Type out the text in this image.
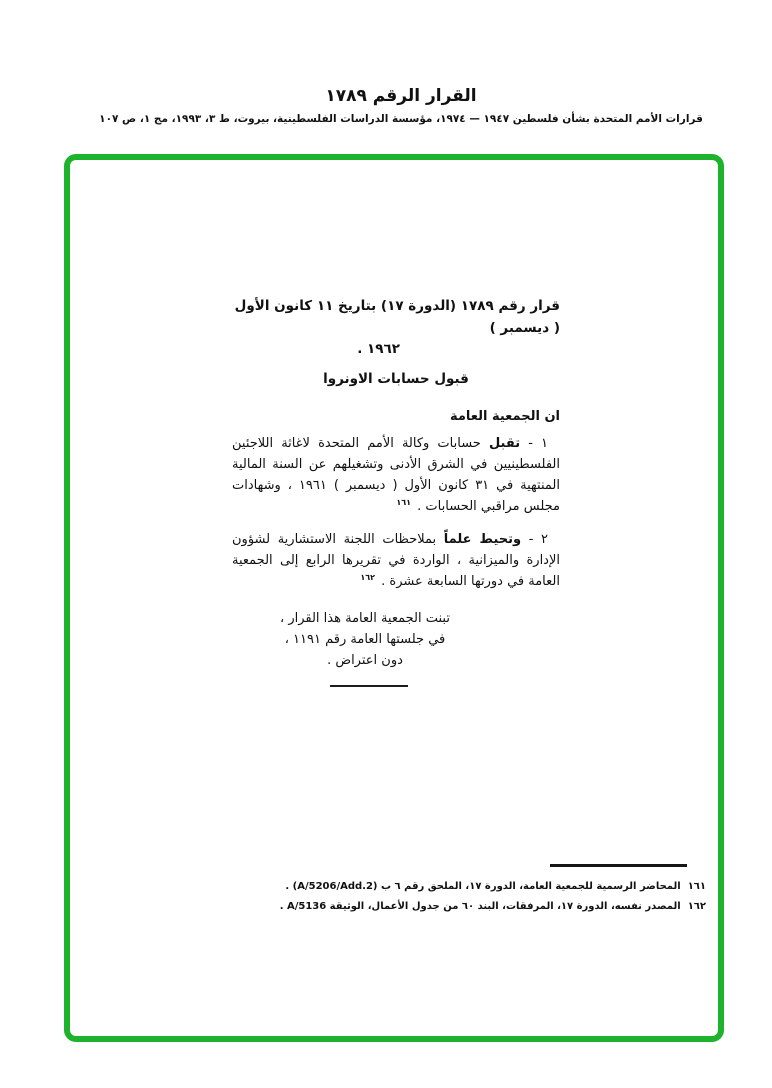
القرار الرقم ١٧٨٩
قرارات الأمم المتحدة بشأن فلسطين ١٩٤٧ — ١٩٧٤، مؤسسة الدراسات الفلسطينية، بيروت، ط ٣، ١٩٩٣، مج ١، ص ١٠٧
قرار رقم ١٧٨٩ (الدورة ١٧) بتاريخ ١١ كانون الأول ( ديسمبر )
١٩٦٢ .
قبول حسابات الاونروا
ان الجمعية العامة

١ - تقبل حسابات وكالة الأمم المتحدة لاغاثة اللاجئين الفلسطينيين في الشرق الأدنى وتشغيلهم عن السنة المالية المنتهية في ٣١ كانون الأول ( ديسمبر ) ١٩٦١ ، وشهادات مجلس مراقبي الحسابات . $^{١٦١}$

٢ - وتحيط علماً بملاحظات اللجنة الاستشارية لشؤون الإدارة والميزانية ، الواردة في تقريرها الرابع إلى الجمعية العامة في دورتها السابعة عشرة . $^{١٦٢}$

تبنت الجمعية العامة هذا القرار ،
في جلستها العامة رقم ١١٩١ ،
دون اعتراض .
١٦١المحاضر الرسمية للجمعية العامة، الدورة ١٧، الملحق رقم ٦ ب (A/5206/Add.2) .
١٦٢المصدر نفسه، الدورة ١٧، المرفقات، البند ٦٠ من جدول الأعمال، الوثيقة A/5136 .
